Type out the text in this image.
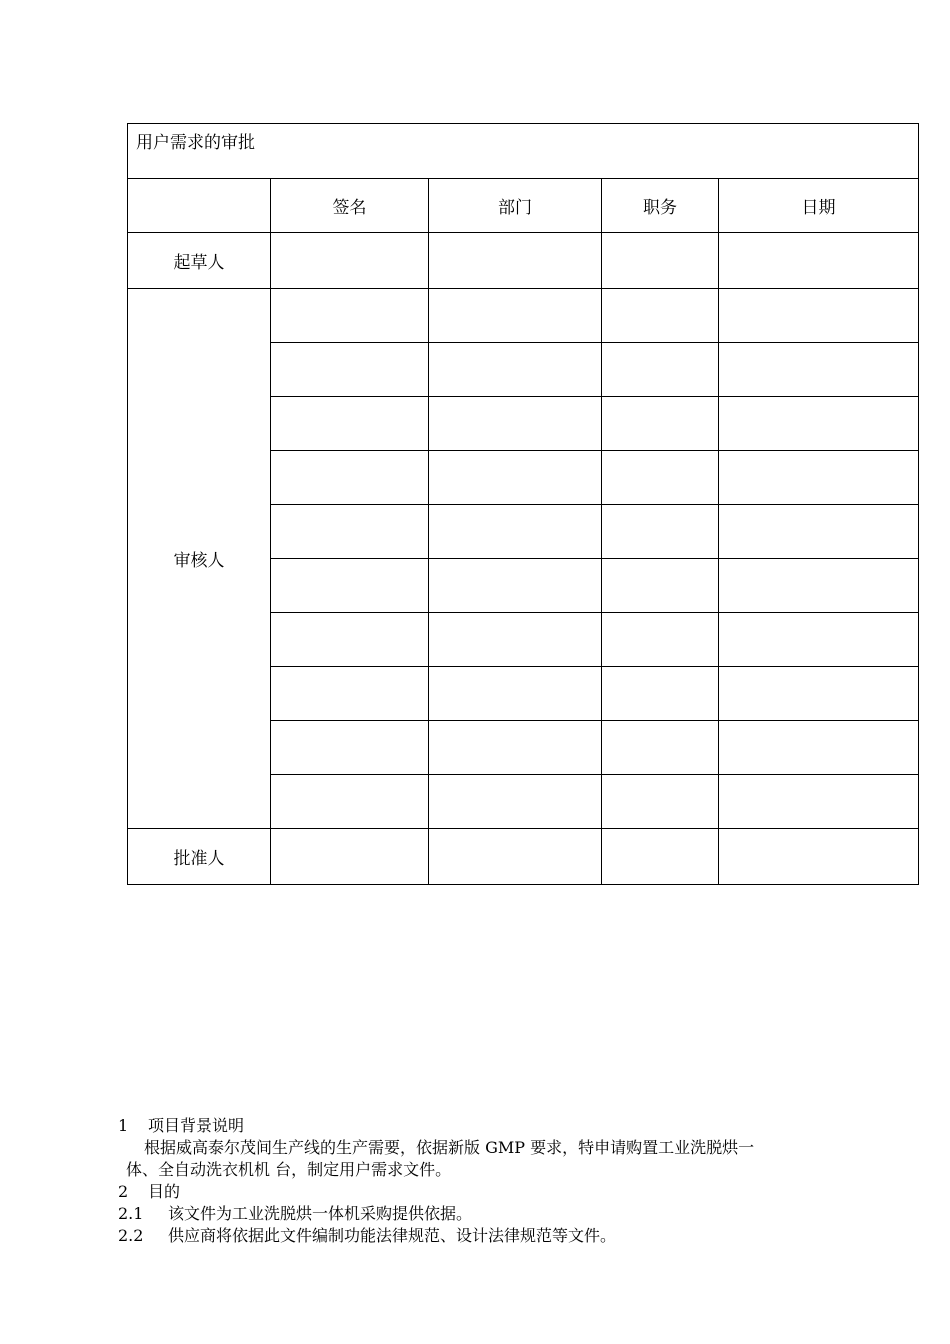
用户需求的审批				
	签名	部门	职务	日期
起草人				
审核人				

批准人				

1 项目背景说明

根据威高泰尔茂间生产线的生产需要，依据新版 GMP 要求，特申请购置工业洗脱烘一

体、全自动洗衣机机 台，制定用户需求文件。

2 目的

2.1 该文件为工业洗脱烘一体机采购提供依据。

2.2 供应商将依据此文件编制功能法律规范、设计法律规范等文件。
